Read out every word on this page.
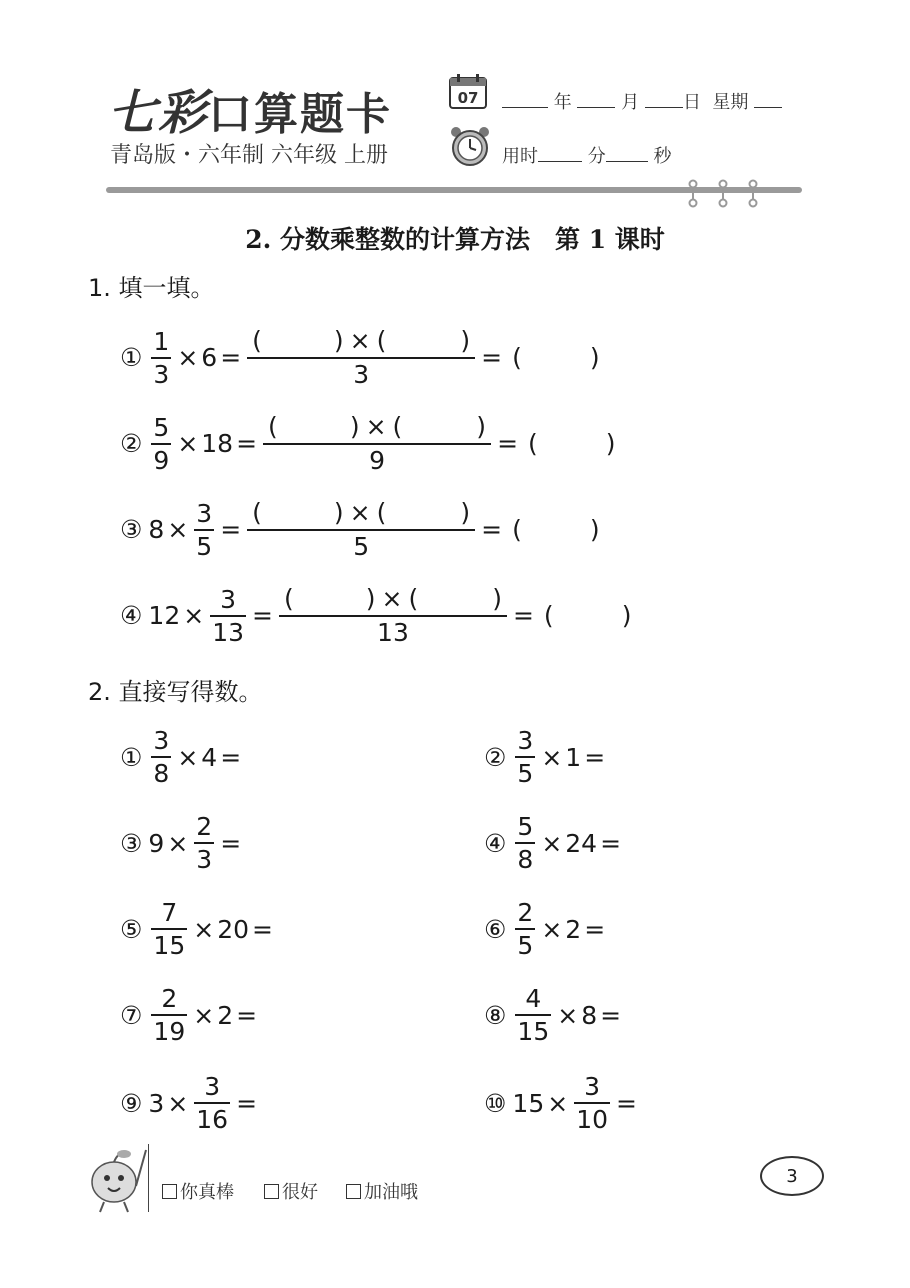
七彩口算题卡
青岛版・六年制 六年级 上册
07	年	月 日 星期
用时	分	秒
2. 分数乘整数的计算方法　第 1 课时
1. 填一填。
2. 直接写得数。
① $\frac{1}{3} \times 6$ = (	) × (	)
3 = (	)
② $\frac{5}{9} \times 18$ = (	) × (	)
9 = (	)
③ $8 \times \frac{3}{5}$ = (	) × (	)
5 = (	)
④ $12 \times \frac{3}{13}$ = (	) × (	)
13 = (	)
① $\frac{3}{8} \times 4$ =	② $\frac{3}{5} \times 1$ =
③ $9 \times \frac{2}{3}$ =	④ $\frac{5}{8} \times 24$ =
⑤ $\frac{7}{15} \times 20$ =	⑥ $\frac{2}{5} \times 2$ =
⑦ $\frac{2}{19} \times 2$ =	⑧ $\frac{4}{15} \times 8$ =
⑨ $3 \times \frac{3}{16}$ =	⑩ $15 \times \frac{3}{10}$ =
你真棒	很好	加油哦
3
